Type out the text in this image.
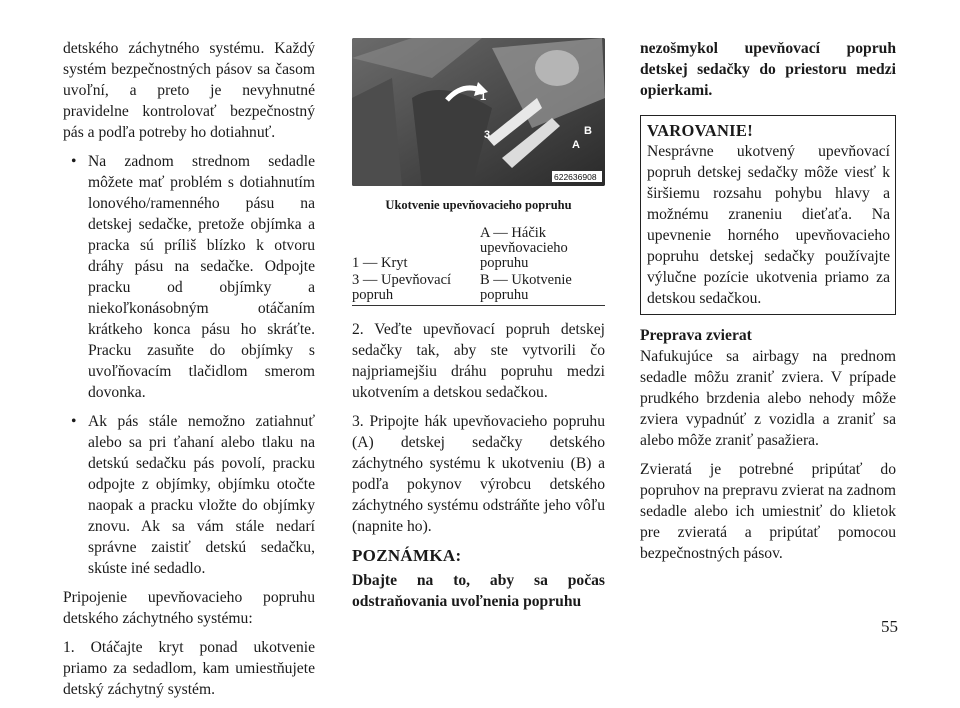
detského záchytného systému. Každý systém bezpečnostných pásov sa časom uvoľní, a preto je nevyhnutné pravidelne kontrolovať bezpečnostný pás a podľa potreby ho dotiahnuť.

• Na zadnom strednom sedadle môžete mať problém s dotiahnutím lonového/ramenného pásu na detskej sedačke, pretože objímka a pracka sú príliš blízko k otvoru dráhy pásu na sedačke. Odpojte pracku od objímky a niekoľkonásobným otáčaním krátkeho konca pásu ho skráťte. Pracku zasuňte do objímky s uvoľňovacím tlačidlom smerom dovonka.
• Ak pás stále nemožno zatiahnuť alebo sa pri ťahaní alebo tlaku na detskú sedačku pás povolí, pracku odpojte z objímky, objímku otočte naopak a pracku vložte do objímky znovu. Ak sa vám stále nedarí správne zaistiť detskú sedačku, skúste iné sedadlo.

Pripojenie upevňovacieho popruhu detského záchytného systému:

1. Otáčajte kryt ponad ukotvenie priamo za sedadlom, kam umiestňujete detský záchytný systém.

1
3	B
A
622636908
Ukotvenie upevňovacieho popruhu
1 — Kryt	A — Háčik upevňovacieho popruhu
3 — Upevňovací popruh	B — Ukotvenie popruhu

2. Veďte upevňovací popruh detskej sedačky tak, aby ste vytvorili čo najpriamejšiu dráhu popruhu medzi ukotvením a detskou sedačkou.

3. Pripojte hák upevňovacieho popruhu (A) detskej sedačky detského záchytného systému k ukotveniu (B) a podľa pokynov výrobcu detského záchytného systému odstráňte jeho vôľu (napnite ho).

POZNÁMKA:

Dbajte na to, aby sa počas odstraňovania uvoľnenia popruhu

nezošmykol upevňovací popruh detskej sedačky do priestoru medzi opierkami.

VAROVANIE!

Nesprávne ukotvený upevňovací popruh detskej sedačky môže viesť k širšiemu rozsahu pohybu hlavy a možnému zraneniu dieťaťa. Na upevnenie horného upevňovacieho popruhu detskej sedačky používajte výlučne pozície ukotvenia priamo za detskou sedačkou.

Preprava zvierat

Nafukujúce sa airbagy na prednom sedadle môžu zraniť zviera. V prípade prudkého brzdenia alebo nehody môže zviera vypadnúť z vozidla a zraniť sa alebo môže zraniť pasažiera.

Zvieratá je potrebné pripútať do popruhov na prepravu zvierat na zadnom sedadle alebo ich umiestniť do klietok pre zvieratá a pripútať pomocou bezpečnostných pásov.

55
